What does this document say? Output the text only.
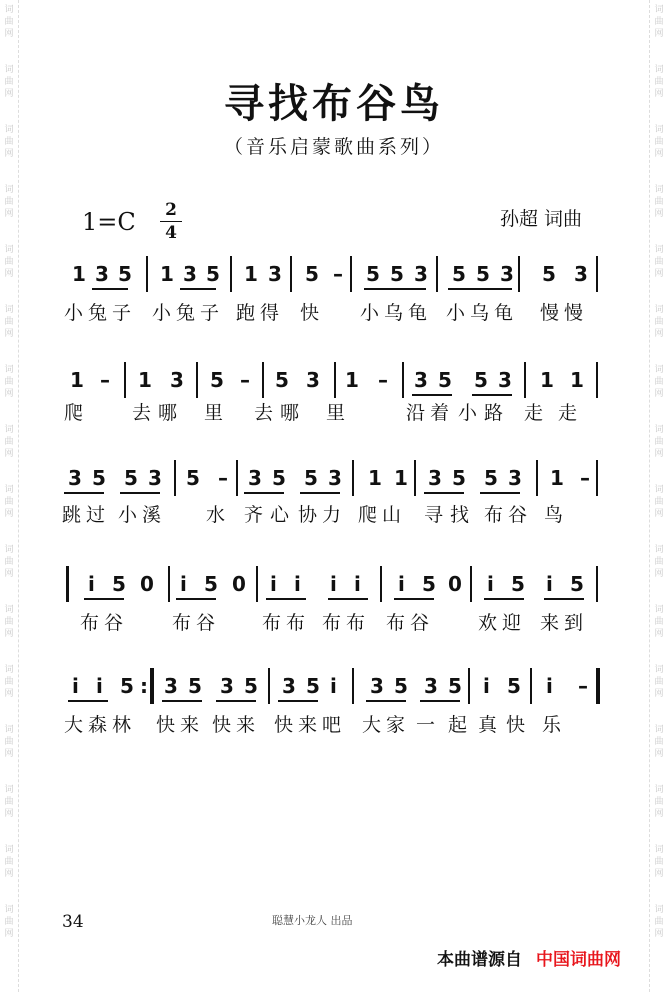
词
曲
网
词
曲
网
词
曲
网
词
曲
网
词
曲
网
词
曲
网
词
曲
网
词
曲
网
词
曲
网
词
曲
网
词
曲
网
词
曲
网
词
曲
网
词
曲
网
词
曲
网
词
曲
网
词
曲
网
词
曲
网
词
曲
网
词
曲
网
词
曲
网
词
曲
网
词
曲
网
词
曲
网
词
曲
网
词
曲
网
词
曲
网
词
曲
网
词
曲
网
词
曲
网
词
曲
网
词
曲
网
寻找布谷鸟
（音乐启蒙歌曲系列）
1=C 2
4
孙超 词曲
1 3 5 1 3 5 1 3 5 – 5 5 3 5 5 3 5 3
小 兔 子 小 兔 子 跑 得 快 小 乌 龟 小 乌 龟 慢 慢
1 – 1 3 5 – 5 3 1 – 3 5 5 3 1 1
爬	去 哪 里 去 哪 里	沿 着 小 路 走 走
3 5 5 3 5 – 3 5 5 3 1 1 3 5 5 3 1 –
跳 过 小 溪 水 齐 心 协 力 爬 山 寻 找 布 谷 鸟
i 5 0 i 5 0 i i i i i 5 0 i 5 i 5
布 谷	布 谷 布 布 布 布 布 谷	欢 迎 来 到
i i 5 : 3 5 3 5 3 5 i 3 5 3 5 i 5 i –
大 森 林 快 来 快 来 快 来 吧 大 家 一 起 真 快 乐
34	聪慧小龙人 出品
本曲谱源自 中国词曲网
